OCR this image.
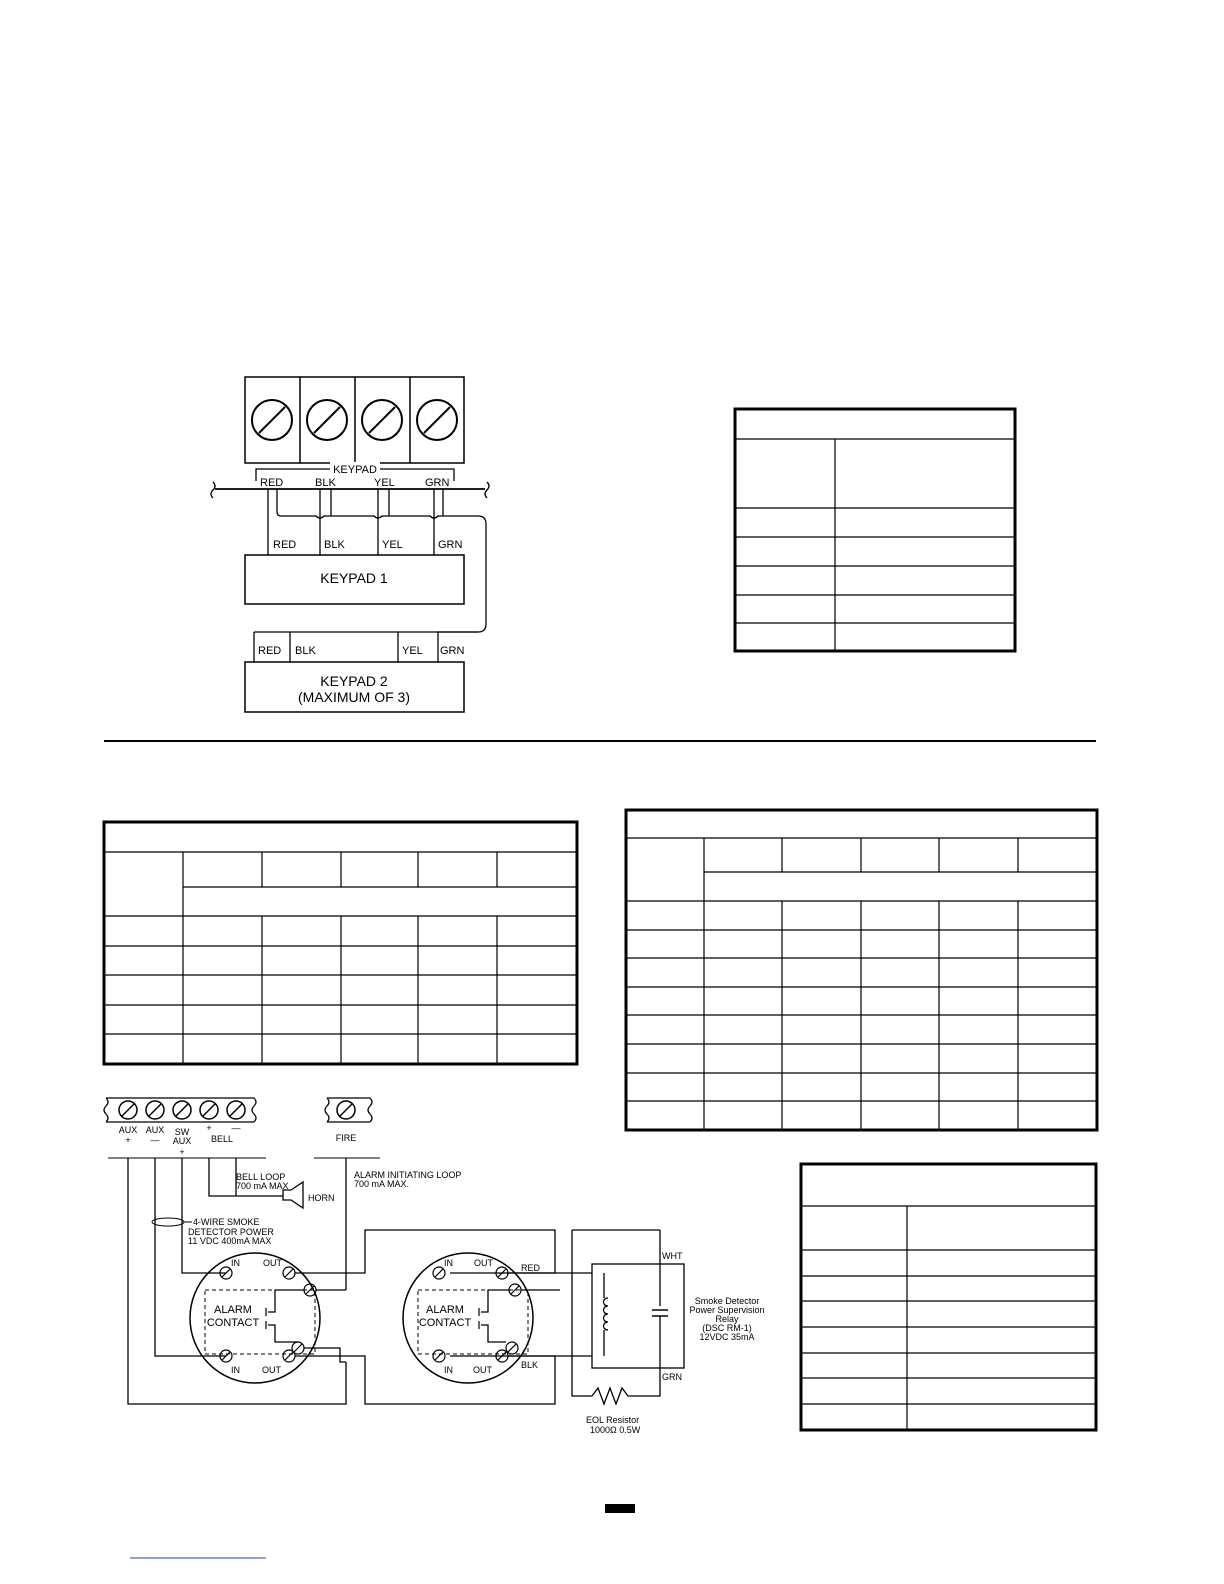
KEYPAD
RED	BLK	YEL	GRN
RED	BLK	YEL	GRN
KEYPAD 1
RED BLK	YEL GRN
KEYPAD 2
(MAXIMUM OF 3)
AUX
+
AUX
—
SW
AUX
+
+ —
BELL	FIRE
BELL LOOP
700 mA MAX
HORN
ALARM INITIATING LOOP
700 mA MAX.
4-WIRE SMOKE
DETECTOR POWER
11 VDC 400mA MAX
IN	OUT
IN OUT
ALARM
CONTACT
IN OUT
IN OUT
ALARM
CONTACT
RED
BLK
EOL Resistor
1000Ω 0.5W
WHT
GRN
Smoke Detector
Power Supervision
Relay
(DSC RM-1)
12VDC 35mA
